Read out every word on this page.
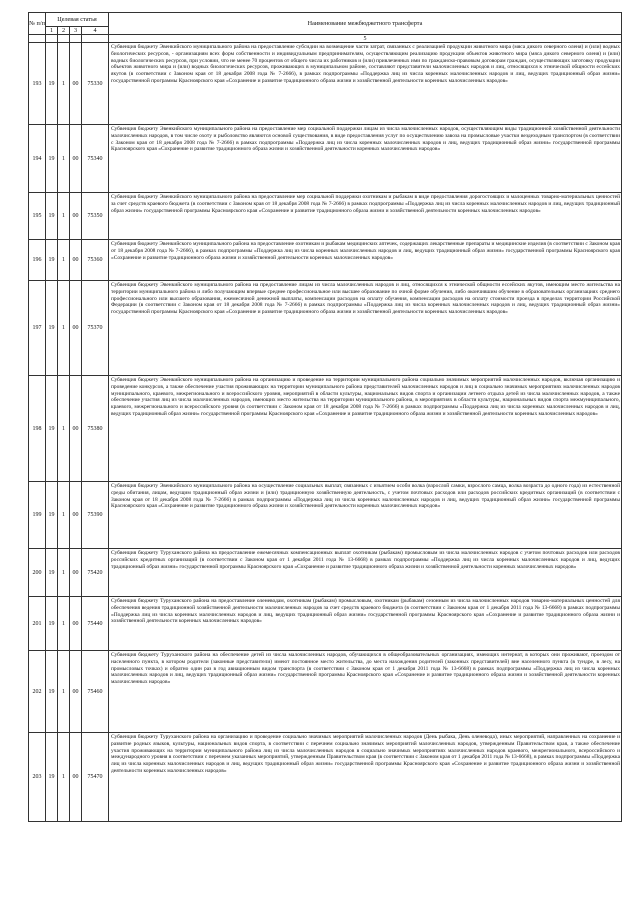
№ п/п	Целевая статья				Наименование межбюджетного трансферта
	1	2	3	4	
					5
193	19	1	00	75330	Субвенция бюджету Эвенкийского муниципального района на предоставление субсидии на возмещение части затрат, связанных с реализацией продукции животного мира (мяса дикого северного оленя) и (или) водных биологических ресурсов, - организациям всех форм собственности и индивидуальным предпринимателям, осуществляющим реализацию продукции объектов животного мира (мяса дикого северного оленя) и (или) водных биологических ресурсов, при условии, что не менее 70 процентов от общего числа их работников и (или) привлеченных ими по гражданско-правовым договорам граждан, осуществляющих заготовку продукции объектов животного мира и (или) водных биологических ресурсов, проживающих в муниципальном районе, составляют представители малочисленных народов и лиц, относящихся к этнической общности ессейских якутов (в соответствии с Законом края от 18 декабря 2008 года № 7-2666), в рамках подпрограммы «Поддержка лиц из числа коренных малочисленных народов и лиц, ведущих традиционный образ жизни» государственной программы Красноярского края «Сохранение и развитие традиционного образа жизни и хозяйственной деятельности коренных малочисленных народов»
194	19	1	00	75340	Субвенция бюджету Эвенкийского муниципального района на предоставление мер социальной поддержки лицам из числа малочисленных народов, осуществляющим виды традиционной хозяйственной деятельности малочисленных народов, в том числе охоту и рыболовство являются основой существования, в виде предоставления услуг по осуществлению завоза на промысловые участки вездеходным транспортом (в соответствии с Законом края от 18 декабря 2008 года № 7-2666) в рамках подпрограммы «Поддержка лиц из числа коренных малочисленных народов и лиц, ведущих традиционный образ жизни» государственной программы Красноярского края «Сохранение и развитие традиционного образа жизни и хозяйственной деятельности коренных малочисленных народов»
195	19	1	00	75350	Субвенция бюджету Эвенкийского муниципального района на предоставление мер социальной поддержки охотникам и рыбакам в виде предоставления дорогостоящих и малоценных товарно-материальных ценностей за счет средств краевого бюджета (в соответствии с Законом края от 18 декабря 2008 года № 7-2666) в рамках подпрограммы «Поддержка лиц из числа коренных малочисленных народов и лиц, ведущих традиционный образ жизни» государственной программы Красноярского края «Сохранение и развитие традиционного образа жизни и хозяйственной деятельности коренных малочисленных народов»
196	19	1	00	75360	Субвенция бюджету Эвенкийского муниципального района на предоставление охотникам и рыбакам медицинских аптечек, содержащих лекарственные препараты и медицинские изделия (в соответствии с Законом края от 18 декабря 2008 года № 7-2666), в рамках подпрограммы «Поддержка лиц из числа коренных малочисленных народов и лиц, ведущих традиционный образ жизни» государственной программы Красноярского края «Сохранение и развитие традиционного образа жизни и хозяйственной деятельности коренных малочисленных народов»
197	19	1	00	75370	Субвенция бюджету Эвенкийского муниципального района на предоставление лицам из числа малочисленных народов и лиц, относящихся к этнической общности ессейских якутов, имеющим место жительства на территории муниципального района и либо получающим впервые среднее профессиональное или высшее образование по очной форме обучения, либо окончившим обучение в образовательных организациях среднего профессионального или высшего образования, ежемесячной денежной выплаты, компенсации расходов на оплату обучения, компенсации расходов на оплату стоимости проезда в пределах территории Российской Федерации (в соответствии с Законом края от 18 декабря 2008 года № 7-2666) в рамках подпрограммы «Поддержка лиц из числа коренных малочисленных народов и лиц, ведущих традиционный образ жизни» государственной программы Красноярского края «Сохранение и развитие традиционного образа жизни и хозяйственной деятельности коренных малочисленных народов»
198	19	1	00	75380	Субвенция бюджету Эвенкийского муниципального района на организацию и проведение на территории муниципального района социально значимых мероприятий малочисленных народов, включая организацию и проведение конкурсов, а также обеспечение участия проживающих на территории муниципального района представителей малочисленных народов и лиц в социально значимых мероприятиях малочисленных народов муниципального, краевого, межрегионального и всероссийского уровня, мероприятий в области культуры, национальных видов спорта и организации летнего отдыха детей из числа малочисленных народов, а также обеспечение участия лиц из числа малочисленных народов, имеющих место жительства на территории муниципального района, в мероприятиях в области культуры, национальных видов спорта межмуниципального, краевого, межрегионального и всероссийского уровня (в соответствии с Законом края от 18 декабря 2008 года № 7-2666) в рамках подпрограммы «Поддержка лиц из числа коренных малочисленных народов и лиц, ведущих традиционный образ жизни» государственной программы Красноярского края «Сохранение и развитие традиционного образа жизни и хозяйственной деятельности коренных малочисленных народов»
199	19	1	00	75390	Субвенция бюджету Эвенкийского муниципального района на осуществление социальных выплат, связанных с изъятием особи волка (взрослой самки, взрослого самца, волка возраста до одного года) из естественной среды обитания, лицам, ведущим традиционный образ жизни и (или) традиционную хозяйственную деятельность, с учетом почтовых расходов или расходов российских кредитных организаций (в соответствии с Законом края от 18 декабря 2008 года № 7-2666) в рамках подпрограммы «Поддержка лиц из числа коренных малочисленных народов и лиц, ведущих традиционный образ жизни» государственной программы Красноярского края «Сохранение и развитие традиционного образа жизни и хозяйственной деятельности коренных малочисленных народов»
200	19	1	00	75420	Субвенция бюджету Туруханского района на предоставление ежемесячных компенсационных выплат охотникам (рыбакам) промысловым из числа малочисленных народов с учетом почтовых расходов или расходов российских кредитных организаций (в соответствии с Законом края от 1 декабря 2011 года № 13-6668) в рамках подпрограммы «Поддержка лиц из числа коренных малочисленных народов и лиц, ведущих традиционный образ жизни» государственной программы Красноярского края «Сохранение и развитие традиционного образа жизни и хозяйственной деятельности коренных малочисленных народов»
201	19	1	00	75440	Субвенция бюджету Туруханского района на предоставление оленеводам, охотникам (рыбакам) промысловым, охотникам (рыбакам) сезонным из числа малочисленных народов товарно-материальных ценностей для обеспечения ведения традиционной хозяйственной деятельности малочисленных народов за счет средств краевого бюджета (в соответствии с Законом края от 1 декабря 2011 года № 13-6668) в рамках подпрограммы «Поддержка лиц из числа коренных малочисленных народов и лиц, ведущих традиционный образ жизни» государственной программы Красноярского края «Сохранение и развитие традиционного образа жизни и хозяйственной деятельности коренных малочисленных народов»
202	19	1	00	75460	Субвенция бюджету Туруханского района на обеспечение детей из числа малочисленных народов, обучающихся в общеобразовательных организациях, имеющих интернат, в которых они проживают, проездом от населенного пункта, в котором родители (законные представители) имеют постоянное место жительства, до места нахождения родителей (законных представителей) вне населенного пункта (в тундре, в лесу, на промысловых точках) и обратно один раз в год авиационным видом транспорта (в соответствии с Законом края от 1 декабря 2011 года № 13-6668) в рамках подпрограммы «Поддержка лиц из числа коренных малочисленных народов и лиц, ведущих традиционный образ жизни» государственной программы Красноярского края «Сохранение и развитие традиционного образа жизни и хозяйственной деятельности коренных малочисленных народов»
203	19	1	00	75470	Субвенция бюджету Туруханского района на организацию и проведение социально значимых мероприятий малочисленных народов (День рыбака, День оленевода), иных мероприятий, направленных на сохранение и развитие родных языков, культуры, национальных видов спорта, в соответствии с перечнем социально значимых мероприятий малочисленных народов, утвержденным Правительством края, а также обеспечение участия проживающих на территории муниципального района лиц из числа малочисленных народов в социально значимых мероприятиях малочисленных народов краевого, межрегионального, всероссийского и международного уровня в соответствии с перечнем указанных мероприятий, утвержденным Правительством края (в соответствии с Законом края от 1 декабря 2011 года № 13-6668), в рамках подпрограммы «Поддержка лиц из числа коренных малочисленных народов и лиц, ведущих традиционный образ жизни» государственной программы Красноярского края «Сохранение и развитие традиционного образа жизни и хозяйственной деятельности коренных малочисленных народов»
